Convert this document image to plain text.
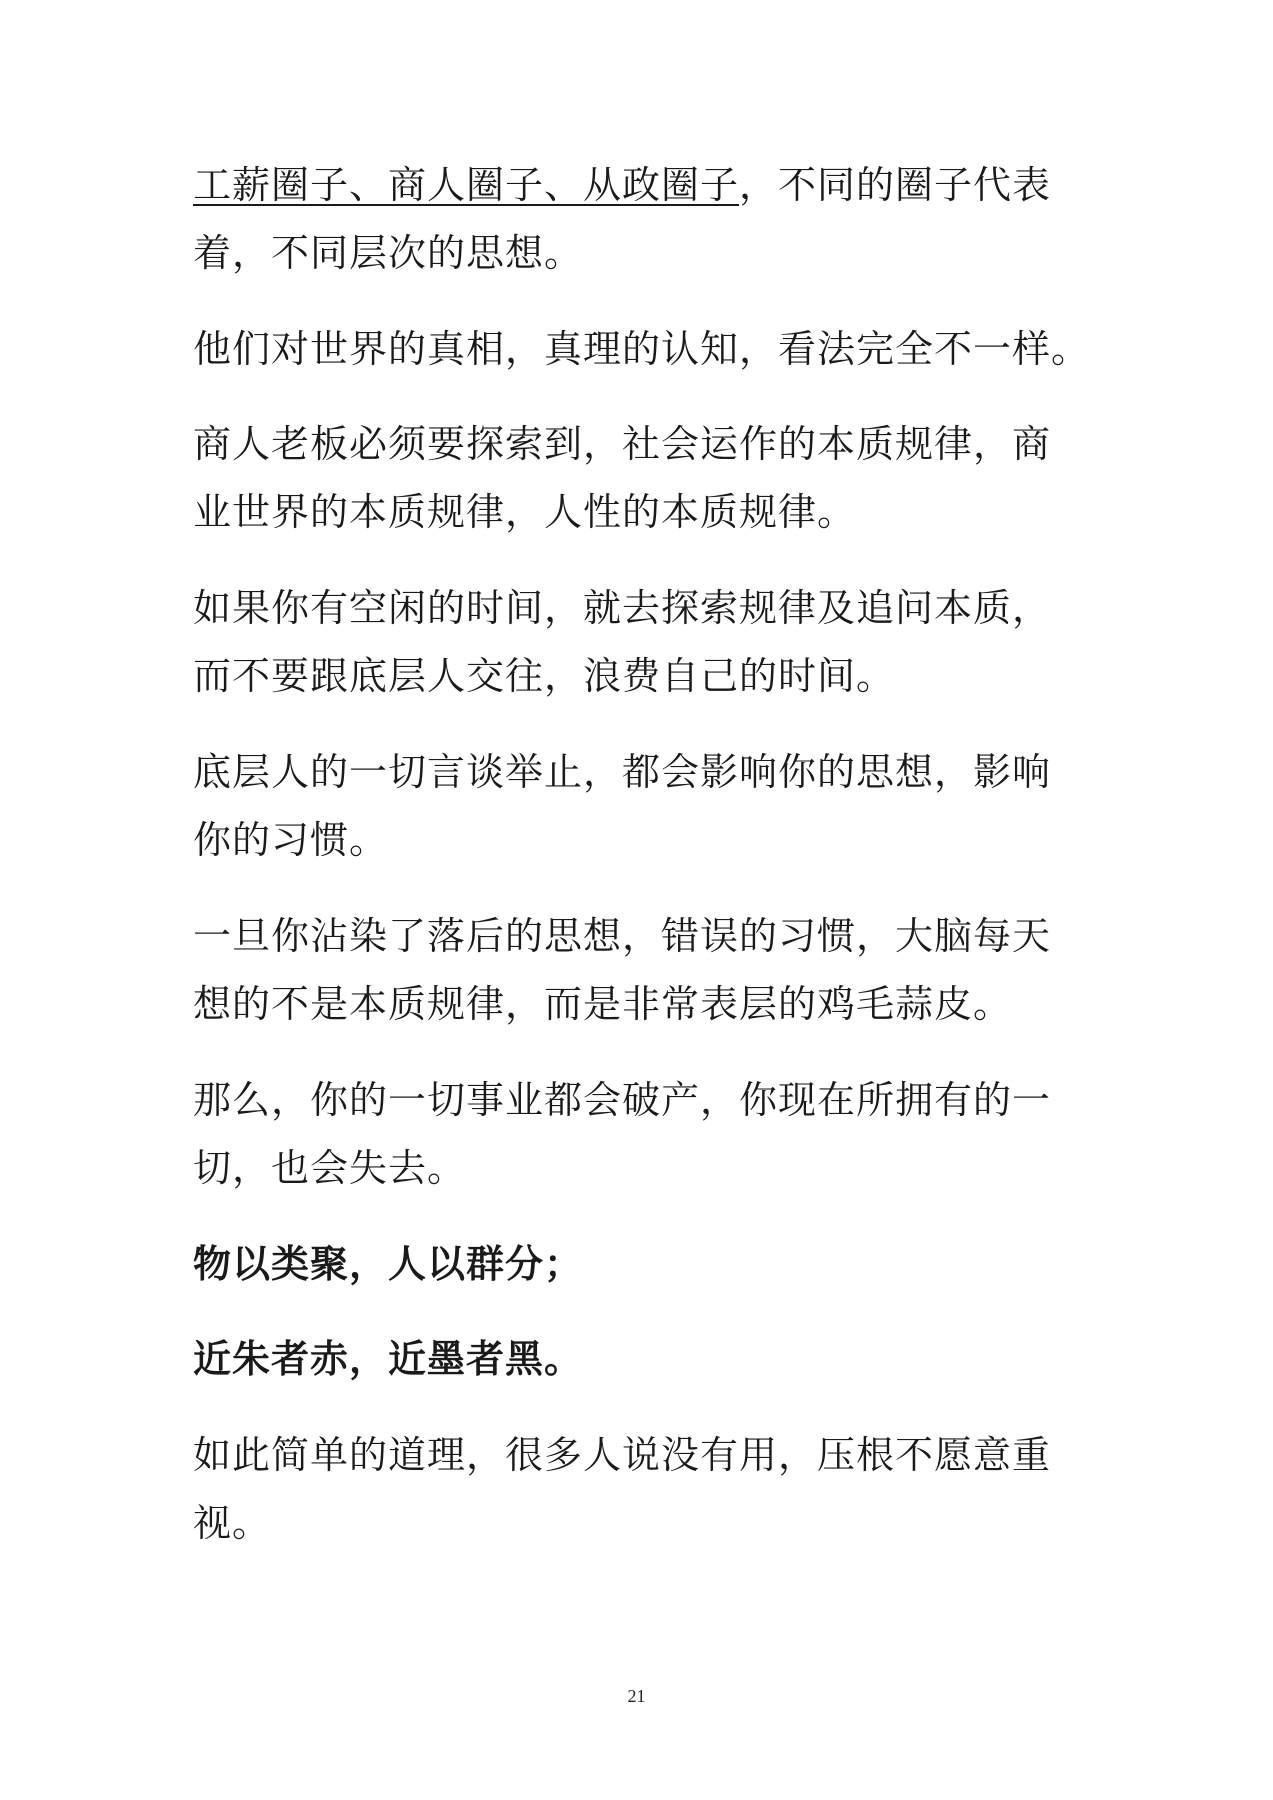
工薪圈子、商人圈子、从政圈子，不同的圈子代表
着，不同层次的思想。
他们对世界的真相，真理的认知，看法完全不一样。
商人老板必须要探索到，社会运作的本质规律，商
业世界的本质规律，人性的本质规律。
如果你有空闲的时间，就去探索规律及追问本质，
而不要跟底层人交往，浪费自己的时间。
底层人的一切言谈举止，都会影响你的思想，影响
你的习惯。
一旦你沾染了落后的思想，错误的习惯，大脑每天
想的不是本质规律，而是非常表层的鸡毛蒜皮。
那么，你的一切事业都会破产，你现在所拥有的一
切，也会失去。
物以类聚，人以群分；
近朱者赤，近墨者黑。
如此简单的道理，很多人说没有用，压根不愿意重
视。
21
